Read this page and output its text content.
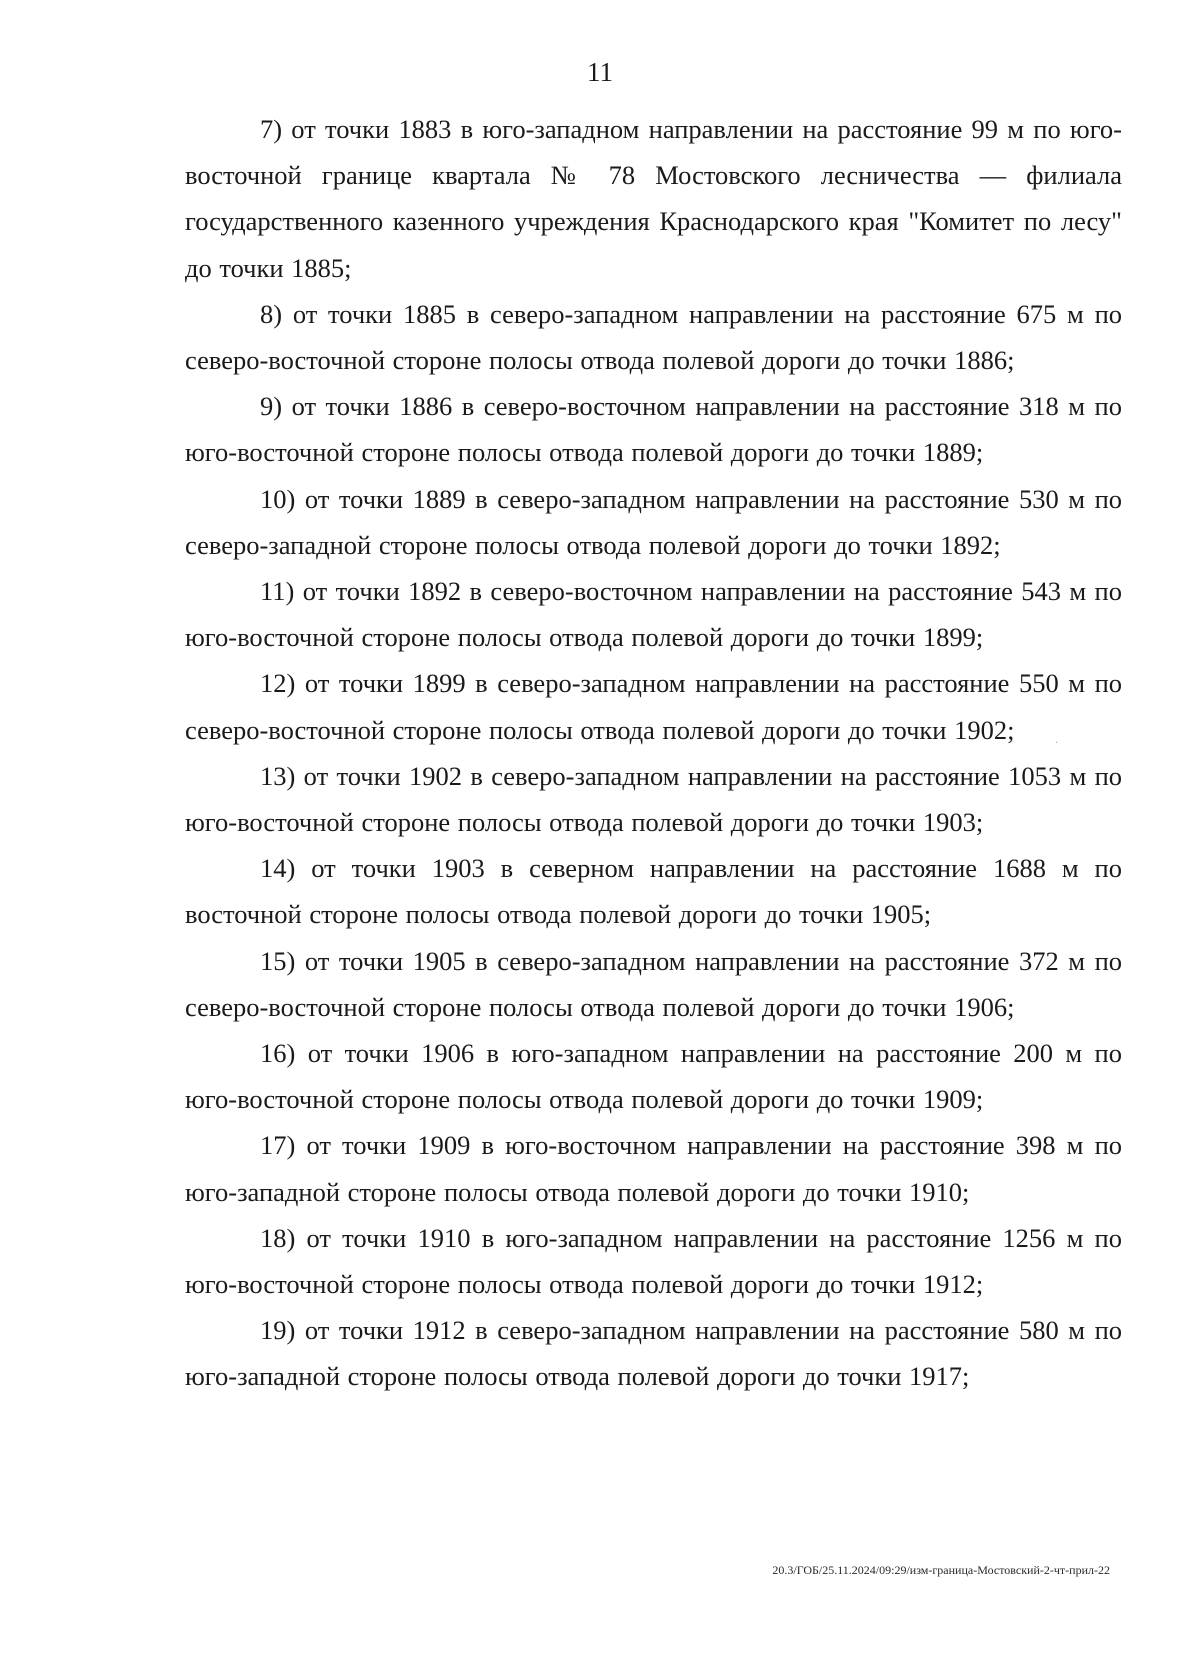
11

7) от точки 1883 в юго-западном направлении на расстояние 99 м по юго-восточной границе квартала № 78 Мостовского лесничества — филиала государственного казенного учреждения Краснодарского края "Комитет по лесу" до точки 1885;

8) от точки 1885 в северо-западном направлении на расстояние 675 м по северо-восточной стороне полосы отвода полевой дороги до точки 1886;

9) от точки 1886 в северо-восточном направлении на расстояние 318 м по юго-восточной стороне полосы отвода полевой дороги до точки 1889;

10) от точки 1889 в северо-западном направлении на расстояние 530 м по северо-западной стороне полосы отвода полевой дороги до точки 1892;

11) от точки 1892 в северо-восточном направлении на расстояние 543 м по юго-восточной стороне полосы отвода полевой дороги до точки 1899;

12) от точки 1899 в северо-западном направлении на расстояние 550 м по северо-восточной стороне полосы отвода полевой дороги до точки 1902;

13) от точки 1902 в северо-западном направлении на расстояние 1053 м по юго-восточной стороне полосы отвода полевой дороги до точки 1903;

14) от точки 1903 в северном направлении на расстояние 1688 м по восточной стороне полосы отвода полевой дороги до точки 1905;

15) от точки 1905 в северо-западном направлении на расстояние 372 м по северо-восточной стороне полосы отвода полевой дороги до точки 1906;

16) от точки 1906 в юго-западном направлении на расстояние 200 м по юго-восточной стороне полосы отвода полевой дороги до точки 1909;

17) от точки 1909 в юго-восточном направлении на расстояние 398 м по юго-западной стороне полосы отвода полевой дороги до точки 1910;

18) от точки 1910 в юго-западном направлении на расстояние 1256 м по юго-восточной стороне полосы отвода полевой дороги до точки 1912;

19) от точки 1912 в северо-западном направлении на расстояние 580 м по юго-западной стороне полосы отвода полевой дороги до точки 1917;

20.3/ГОБ/25.11.2024/09:29/изм-граница-Мостовский-2-чт-прил-22
·
